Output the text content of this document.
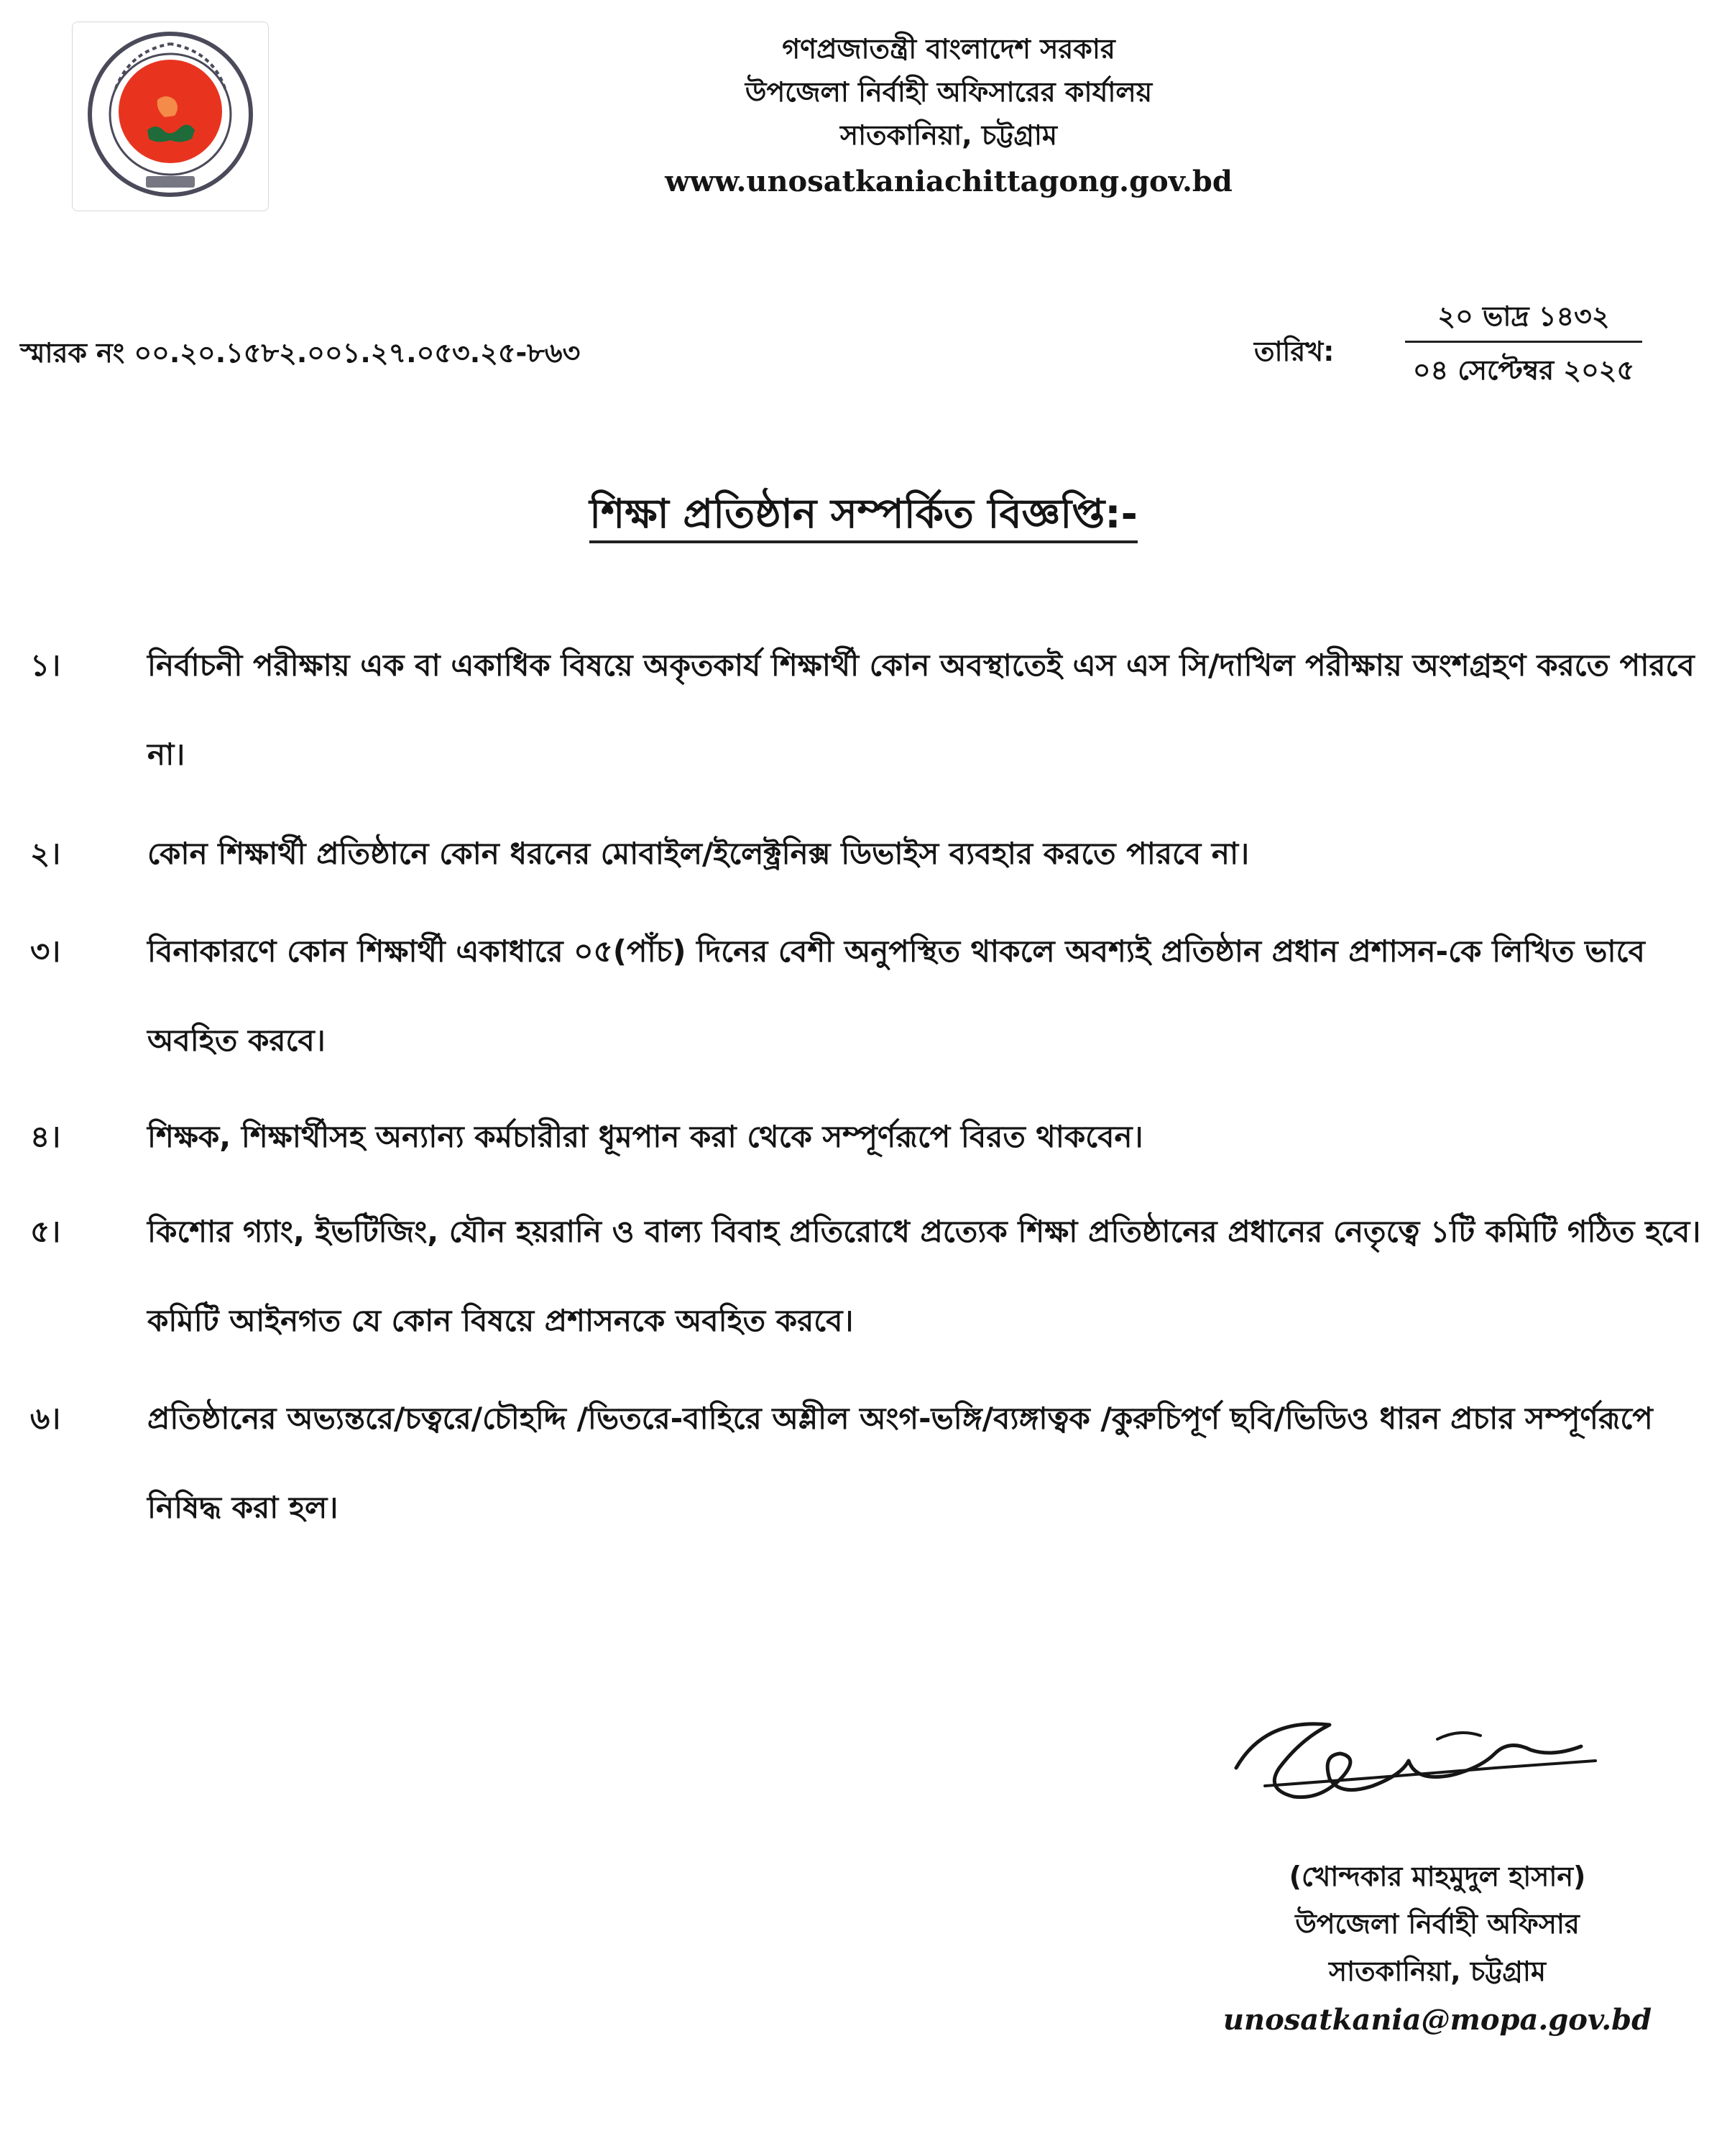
গণপ্রজাতন্ত্রী বাংলাদেশ সরকার
উপজেলা নির্বাহী অফিসারের কার্যালয়
সাতকানিয়া, চট্টগ্রাম
www.unosatkaniachittagong.gov.bd
স্মারক নং ০০.২০.১৫৮২.০০১.২৭.০৫৩.২৫-৮৬৩	তারিখ:
২০ ভাদ্র ১৪৩২
০৪ সেপ্টেম্বর ২০২৫
শিক্ষা প্রতিষ্ঠান সম্পর্কিত বিজ্ঞপ্তি:-
১।	নির্বাচনী পরীক্ষায় এক বা একাধিক বিষয়ে অকৃতকার্য শিক্ষার্থী কোন অবস্থাতেই এস এস সি/দাখিল পরীক্ষায় অংশগ্রহণ করতে পারবে না।
২।	কোন শিক্ষার্থী প্রতিষ্ঠানে কোন ধরনের মোবাইল/ইলেক্ট্রনিক্স ডিভাইস ব্যবহার করতে পারবে না।
৩।	বিনাকারণে কোন শিক্ষার্থী একাধারে ০৫(পাঁচ) দিনের বেশী অনুপস্থিত থাকলে অবশ্যই প্রতিষ্ঠান প্রধান প্রশাসন-কে লিখিত ভাবে অবহিত করবে।
৪।	শিক্ষক, শিক্ষার্থীসহ অন্যান্য কর্মচারীরা ধূমপান করা থেকে সম্পূর্ণরূপে বিরত থাকবেন।
৫।	কিশোর গ্যাং, ইভটিজিং, যৌন হয়রানি ও বাল্য বিবাহ প্রতিরোধে প্রত্যেক শিক্ষা প্রতিষ্ঠানের প্রধানের নেতৃত্বে ১টি কমিটি গঠিত হবে। কমিটি আইনগত যে কোন বিষয়ে প্রশাসনকে অবহিত করবে।
৬।	প্রতিষ্ঠানের অভ্যন্তরে/চত্বরে/চৌহদ্দি /ভিতরে-বাহিরে অশ্লীল অংগ-ভঙ্গি/ব্যঙ্গাত্বক /কুরুচিপূর্ণ ছবি/ভিডিও ধারন প্রচার সম্পূর্ণরূপে নিষিদ্ধ করা হল।
(খোন্দকার মাহমুদুল হাসান)
উপজেলা নির্বাহী অফিসার
সাতকানিয়া, চট্টগ্রাম
unosatkania@mopa.gov.bd
